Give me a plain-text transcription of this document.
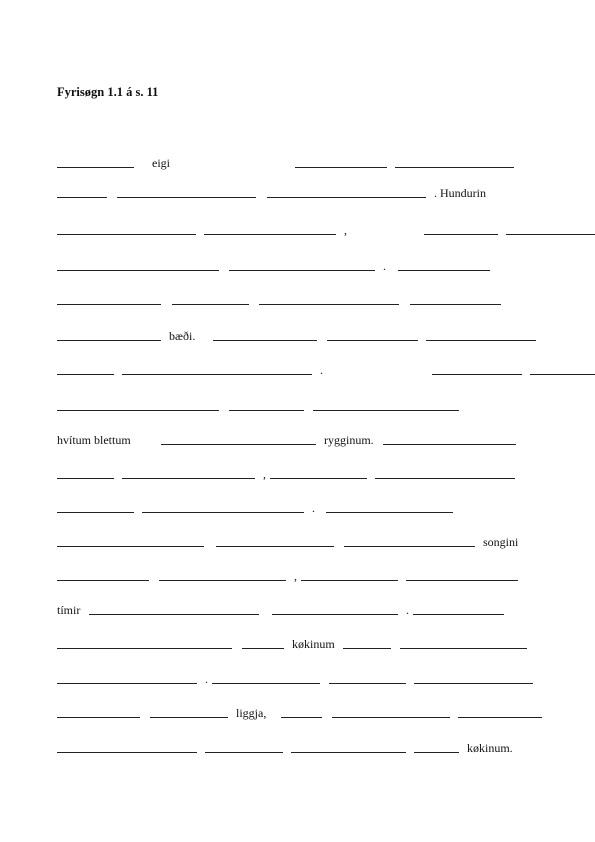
Fyrisøgn 1.1 á s. 11
eigi
. Hundurin
,
.
bæði.
.
hvítum blettum	rygginum.
,
.
songini
,
tímir	.
køkinum
.
liggja,
køkinum.
